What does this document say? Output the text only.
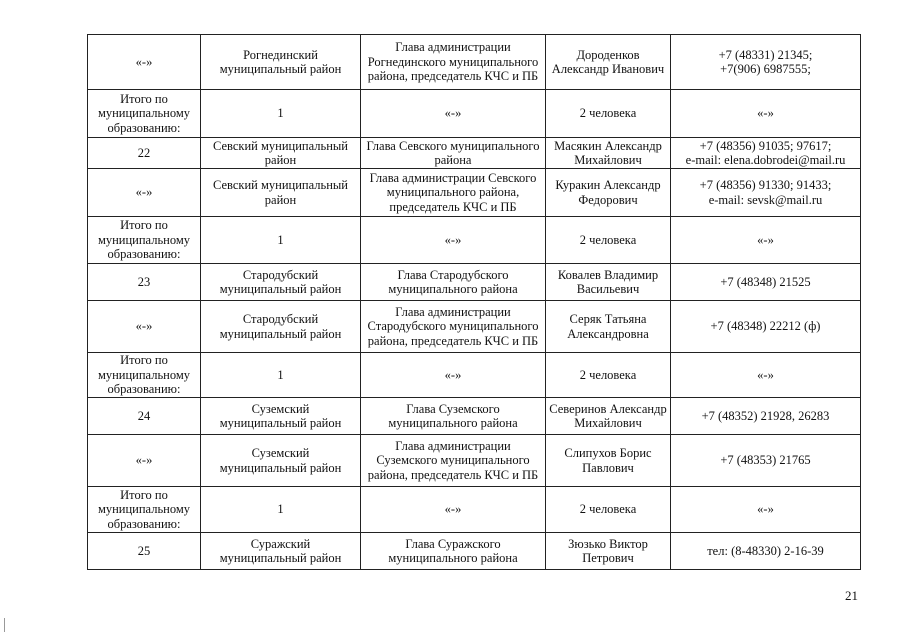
«-»	Рогнединский
муниципальный район	Глава администрации
Рогнединского муниципального
района, председатель КЧС и ПБ	Дороденков
Александр Иванович	+7 (48331) 21345;
+7(906) 6987555;
Итого по
муниципальному
образованию:	1	«-»	2 человека	«-»
22	Севский муниципальный
район	Глава Севского муниципального
района	Масякин Александр
Михайлович	+7 (48356) 91035; 97617;
e-mail: elena.dobrodei@mail.ru
«-»	Севский муниципальный
район	Глава администрации Севского
муниципального района,
председатель КЧС и ПБ	Куракин Александр
Федорович	+7 (48356) 91330; 91433;
e-mail: sevsk@mail.ru
Итого по
муниципальному
образованию:	1	«-»	2 человека	«-»
23	Стародубский
муниципальный район	Глава Стародубского
муниципального района	Ковалев Владимир
Васильевич	+7 (48348) 21525
«-»	Стародубский
муниципальный район	Глава администрации
Стародубского муниципального
района, председатель КЧС и ПБ	Серяк Татьяна
Александровна	+7 (48348) 22212 (ф)
Итого по
муниципальному
образованию:	1	«-»	2 человека	«-»
24	Суземский
муниципальный район	Глава Суземского
муниципального района	Северинов Александр
Михайлович	+7 (48352) 21928, 26283
«-»	Суземский
муниципальный район	Глава администрации
Суземского муниципального
района, председатель КЧС и ПБ	Слипухов Борис
Павлович	+7 (48353) 21765
Итого по
муниципальному
образованию:	1	«-»	2 человека	«-»
25	Суражский
муниципальный район	Глава Суражского
муниципального района	Зюзько Виктор
Петрович	тел: (8-48330) 2-16-39
21
